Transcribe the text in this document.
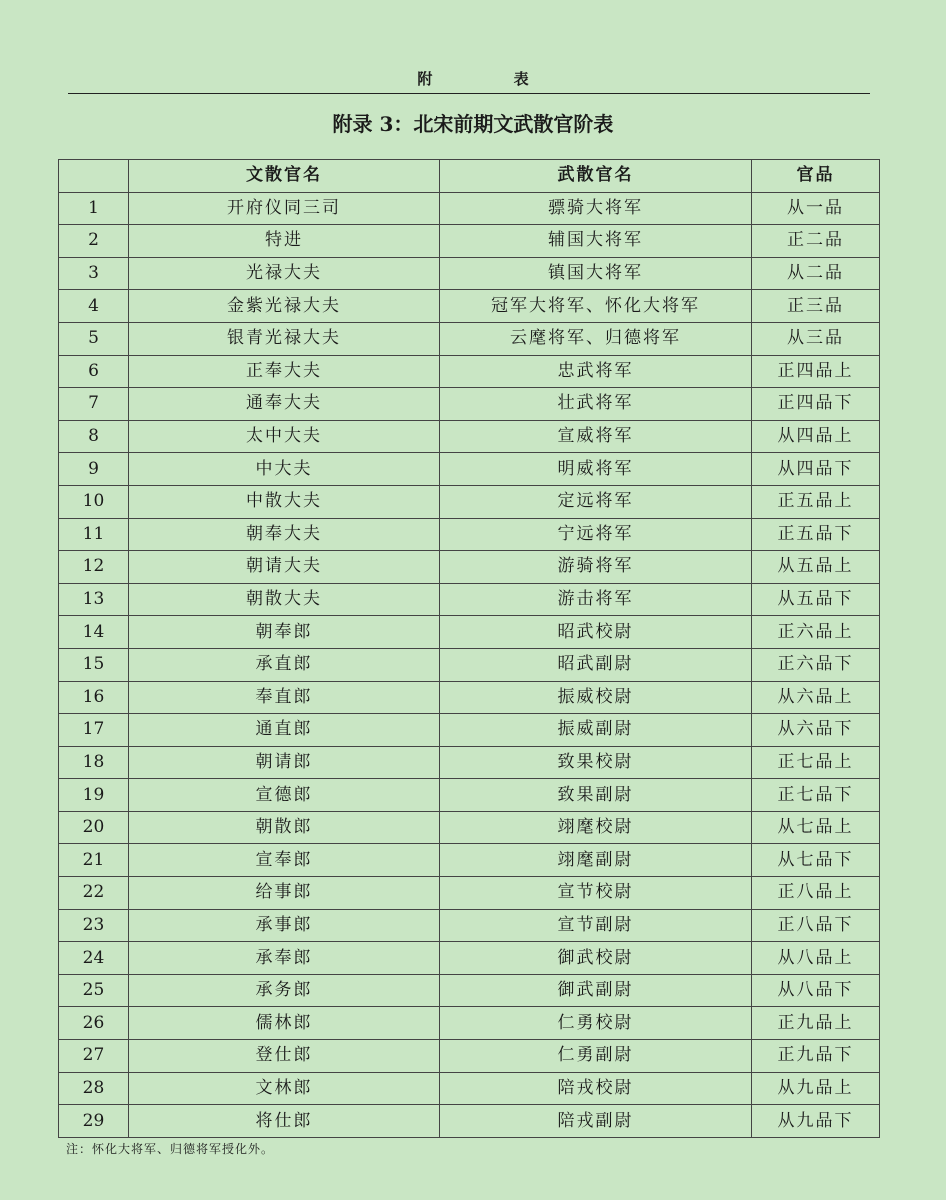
附 表
附录 3：北宋前期文武散官阶表
	文散官名	武散官名	官品
1	开府仪同三司	骠骑大将军	从一品
2	特进	辅国大将军	正二品
3	光禄大夫	镇国大将军	从二品
4	金紫光禄大夫	冠军大将军、怀化大将军	正三品
5	银青光禄大夫	云麾将军、归德将军	从三品
6	正奉大夫	忠武将军	正四品上
7	通奉大夫	壮武将军	正四品下
8	太中大夫	宣威将军	从四品上
9	中大夫	明威将军	从四品下
10	中散大夫	定远将军	正五品上
11	朝奉大夫	宁远将军	正五品下
12	朝请大夫	游骑将军	从五品上
13	朝散大夫	游击将军	从五品下
14	朝奉郎	昭武校尉	正六品上
15	承直郎	昭武副尉	正六品下
16	奉直郎	振威校尉	从六品上
17	通直郎	振威副尉	从六品下
18	朝请郎	致果校尉	正七品上
19	宣德郎	致果副尉	正七品下
20	朝散郎	翊麾校尉	从七品上
21	宣奉郎	翊麾副尉	从七品下
22	给事郎	宣节校尉	正八品上
23	承事郎	宣节副尉	正八品下
24	承奉郎	御武校尉	从八品上
25	承务郎	御武副尉	从八品下
26	儒林郎	仁勇校尉	正九品上
27	登仕郎	仁勇副尉	正九品下
28	文林郎	陪戎校尉	从九品上
29	将仕郎	陪戎副尉	从九品下
注：怀化大将军、归德将军授化外。
